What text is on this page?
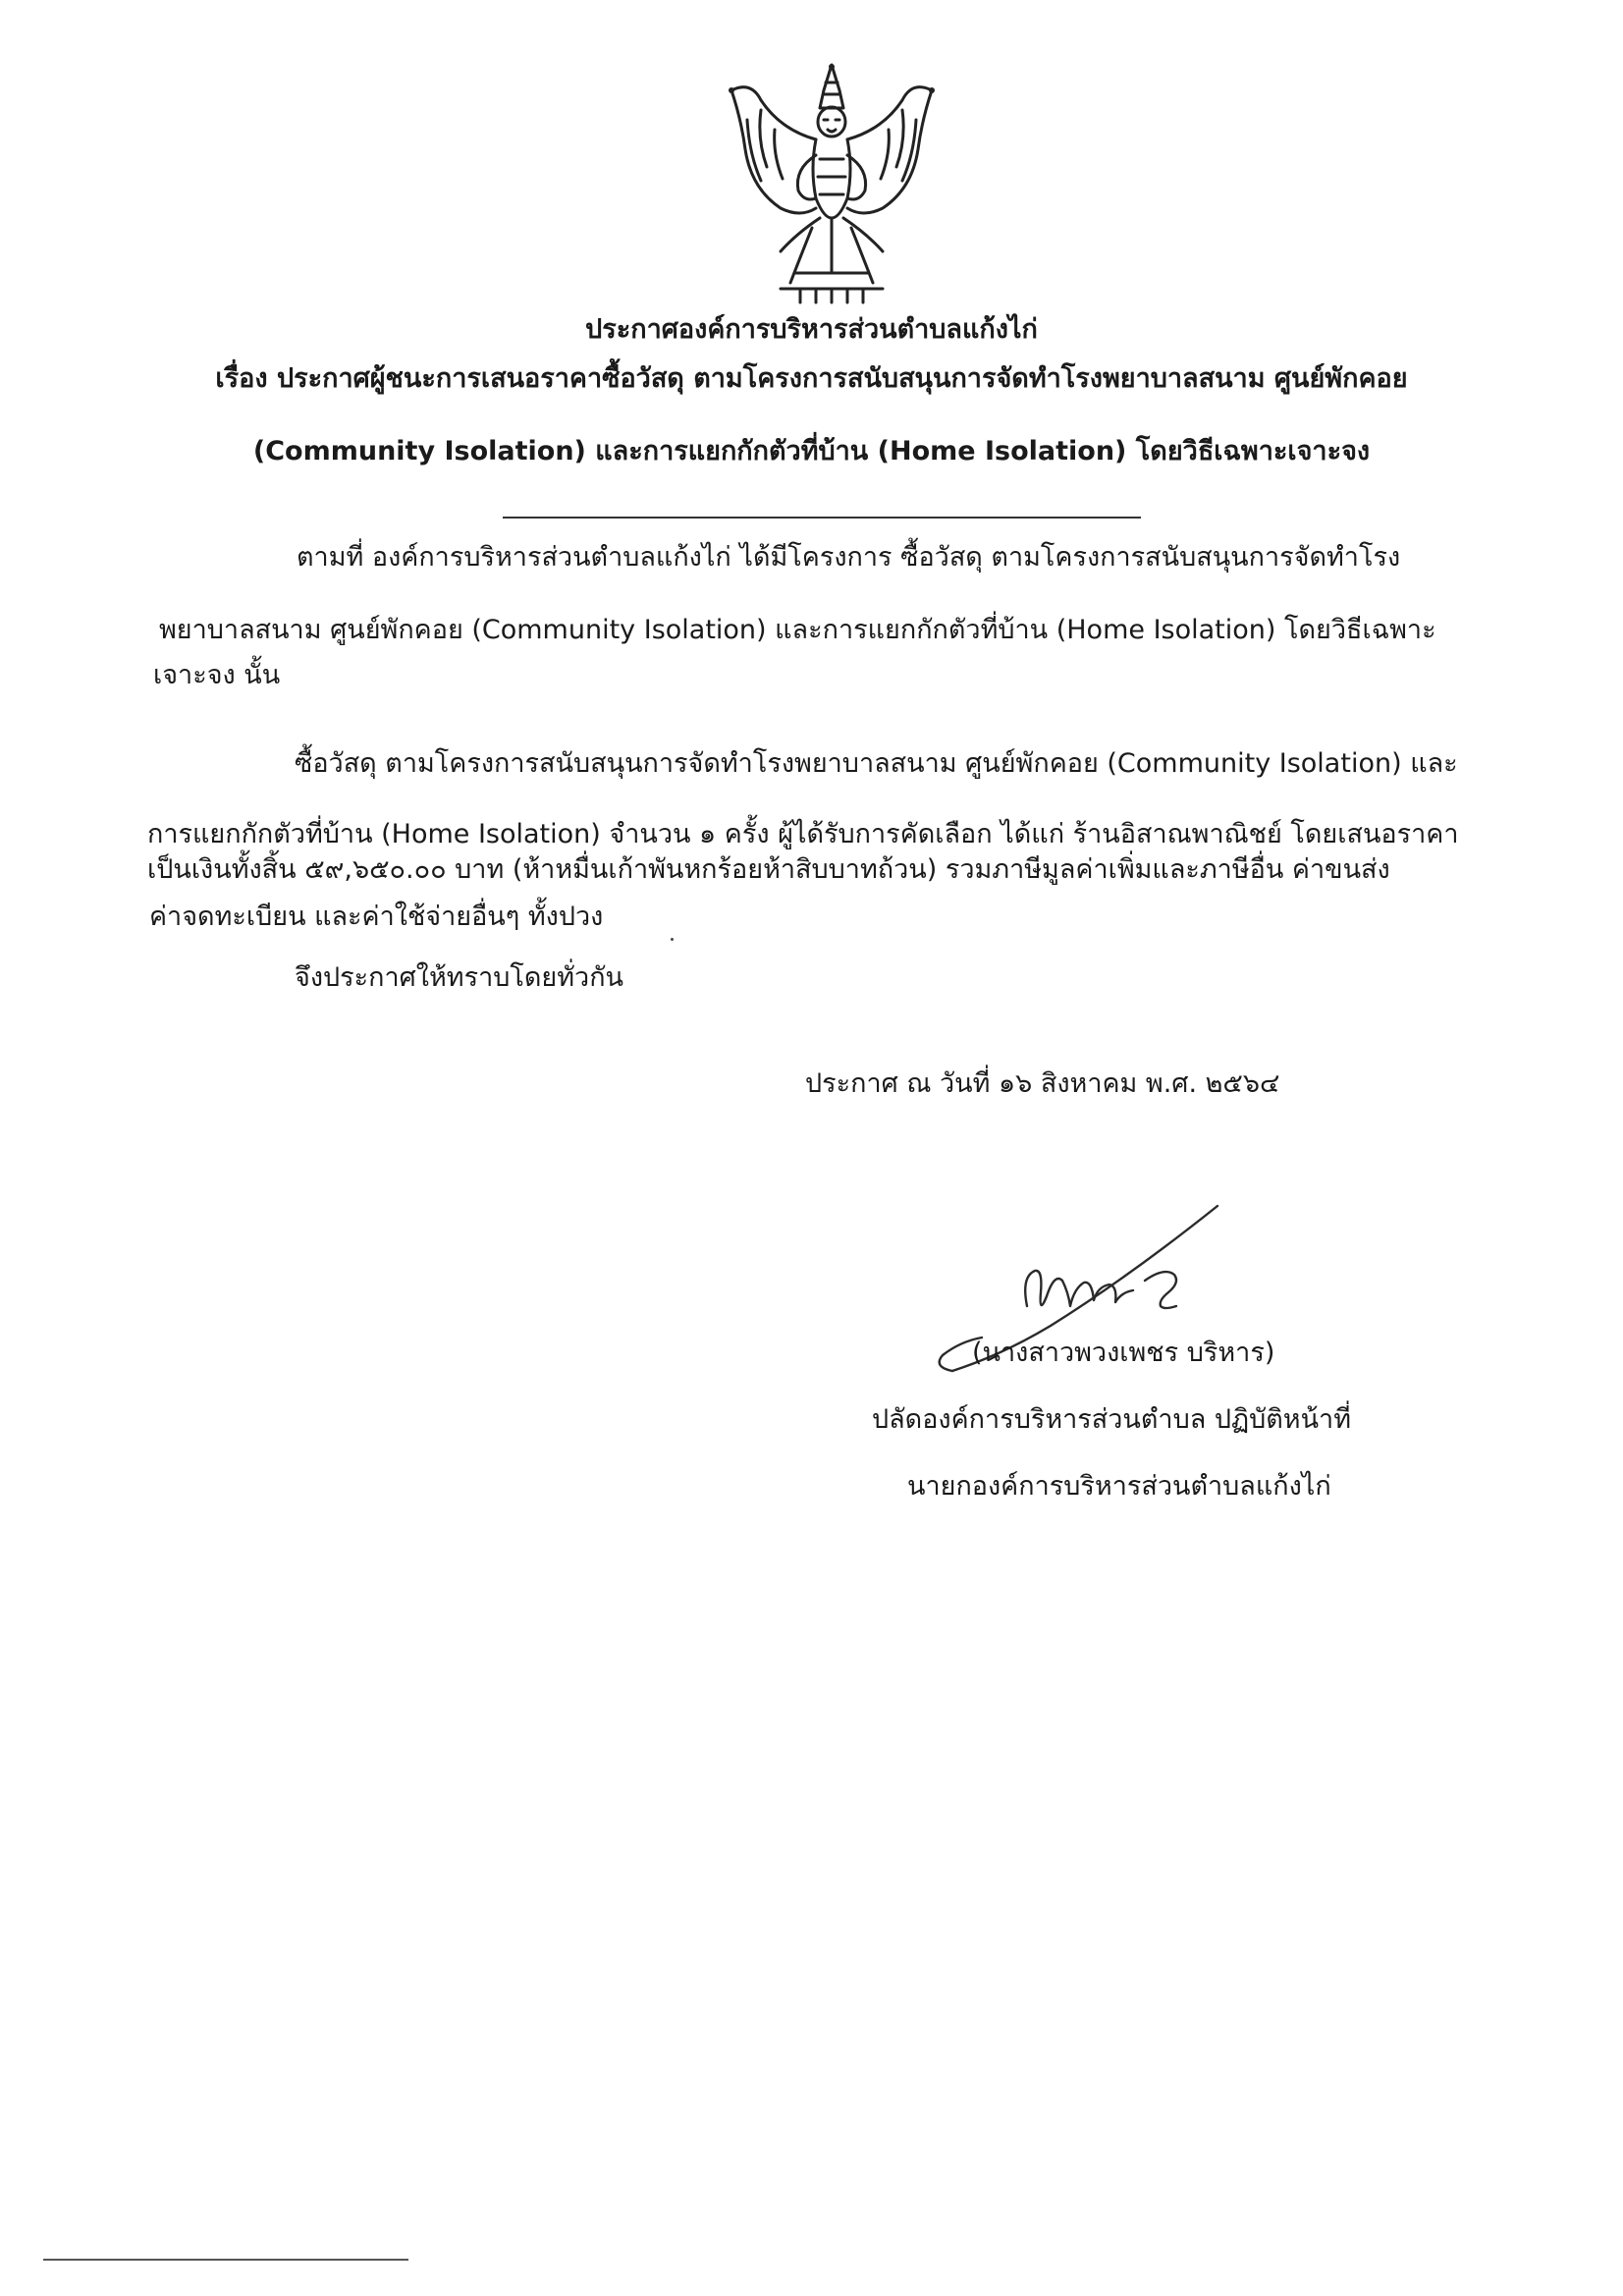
ประกาศองค์การบริหารส่วนตำบลแก้งไก่
เรื่อง ประกาศผู้ชนะการเสนอราคาซื้อวัสดุ ตามโครงการสนับสนุนการจัดทำโรงพยาบาลสนาม ศูนย์พักคอย
(Community Isolation) และการแยกกักตัวที่บ้าน (Home Isolation) โดยวิธีเฉพาะเจาะจง
ตามที่ องค์การบริหารส่วนตำบลแก้งไก่ ได้มีโครงการ ซื้อวัสดุ ตามโครงการสนับสนุนการจัดทำโรง
พยาบาลสนาม ศูนย์พักคอย (Community Isolation) และการแยกกักตัวที่บ้าน (Home Isolation) โดยวิธีเฉพาะ
เจาะจง นั้น
ซื้อวัสดุ ตามโครงการสนับสนุนการจัดทำโรงพยาบาลสนาม ศูนย์พักคอย (Community Isolation) และ
การแยกกักตัวที่บ้าน (Home Isolation) จำนวน ๑ ครั้ง ผู้ได้รับการคัดเลือก ได้แก่ ร้านอิสาณพาณิชย์ โดยเสนอราคา
เป็นเงินทั้งสิ้น ๕๙,๖๕๐.๐๐ บาท (ห้าหมื่นเก้าพันหกร้อยห้าสิบบาทถ้วน) รวมภาษีมูลค่าเพิ่มและภาษีอื่น ค่าขนส่ง
ค่าจดทะเบียน และค่าใช้จ่ายอื่นๆ ทั้งปวง
จึงประกาศให้ทราบโดยทั่วกัน
ประกาศ ณ วันที่ ๑๖ สิงหาคม พ.ศ. ๒๕๖๔
(นางสาวพวงเพชร บริหาร)
ปลัดองค์การบริหารส่วนตำบล ปฏิบัติหน้าที่
นายกองค์การบริหารส่วนตำบลแก้งไก่
